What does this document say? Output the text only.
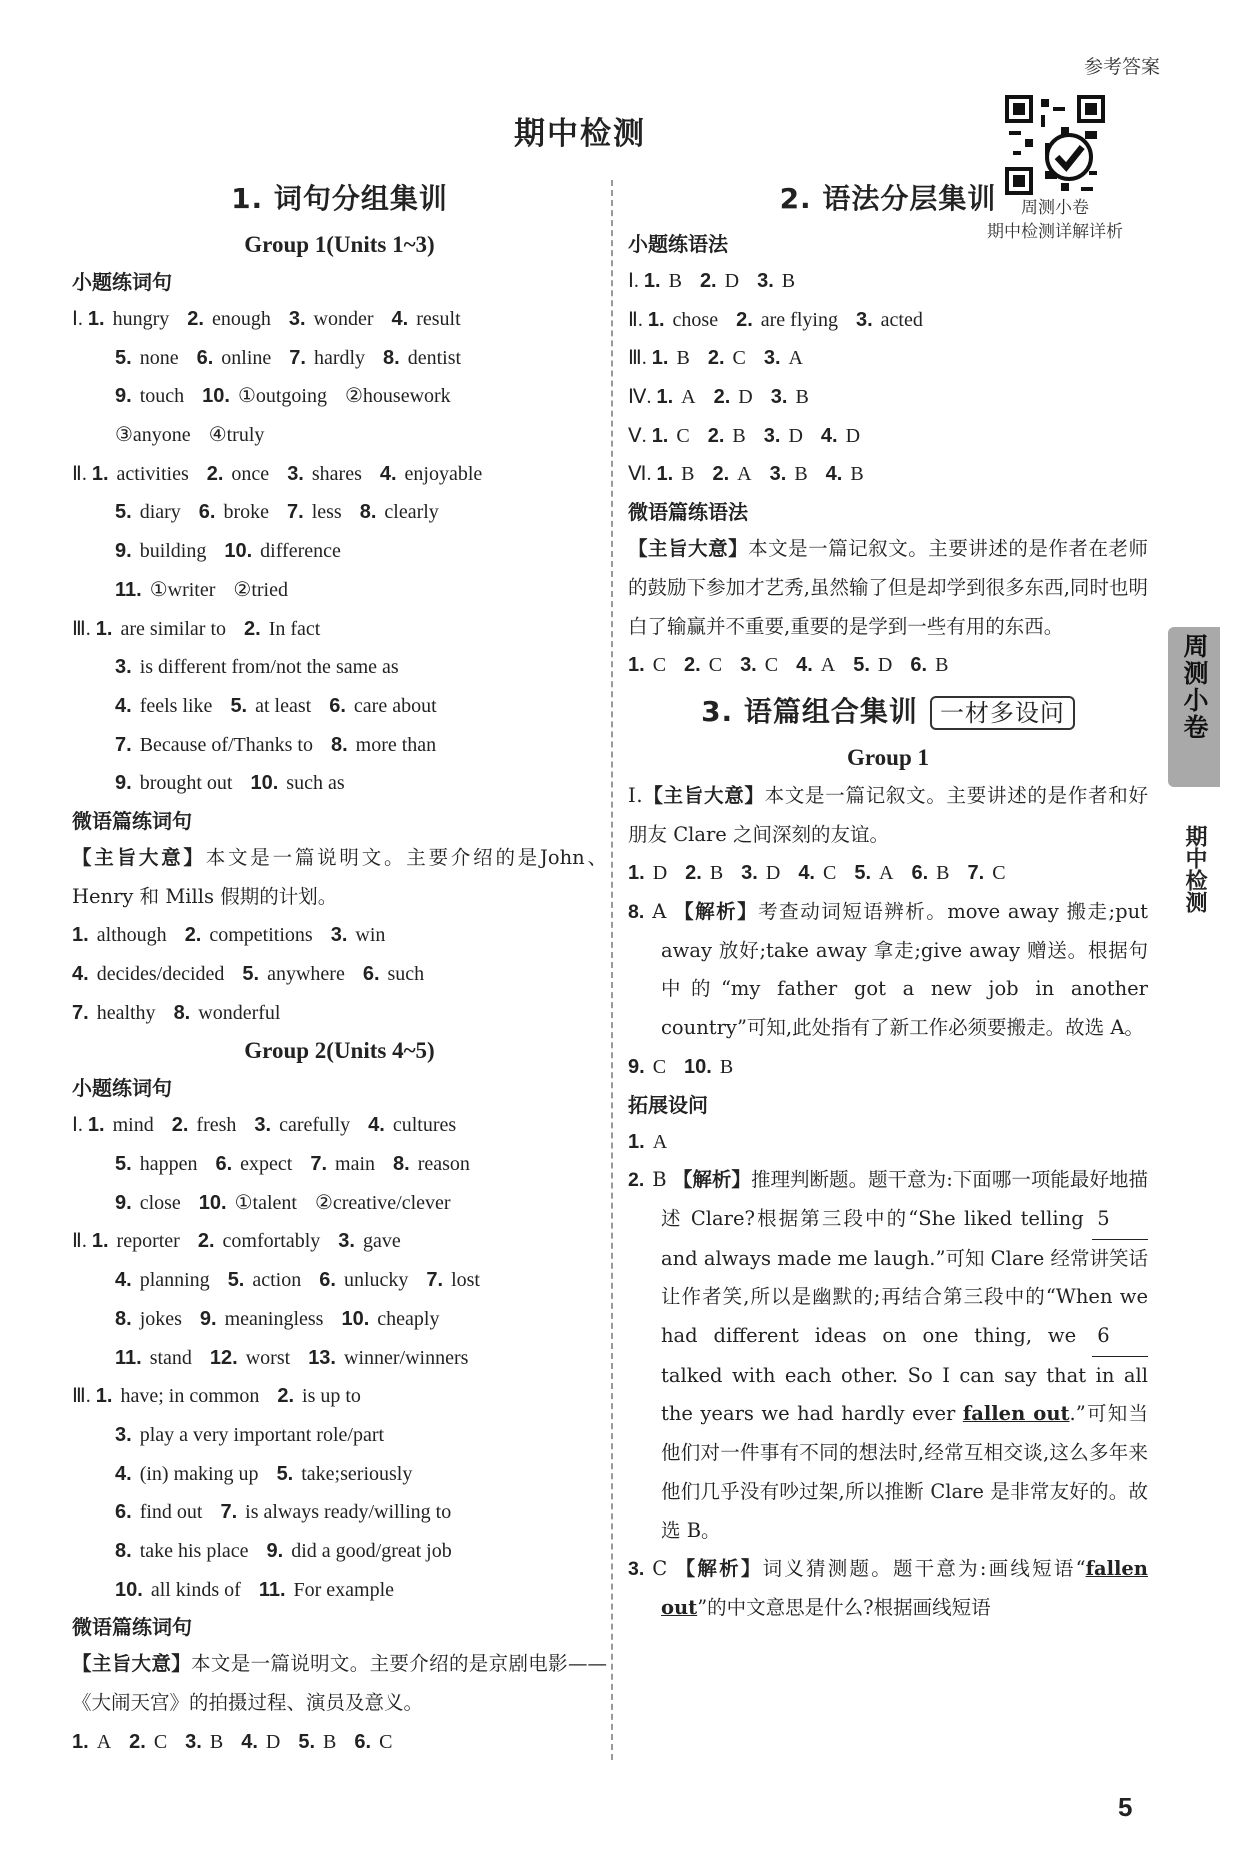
参考答案
期中检测
周测小卷
期中检测详解详析
1. 词句分组集训
Group 1(Units 1~3)
小题练词句
Ⅰ. 1. hungry 2. enough 3. wonder 4. result
5. none 6. online 7. hardly 8. dentist
9. touch 10. ①outgoing ②housework
③anyone ④truly
Ⅱ. 1. activities 2. once 3. shares 4. enjoyable
5. diary 6. broke 7. less 8. clearly
9. building 10. difference
11. ①writer ②tried
Ⅲ. 1. are similar to 2. In fact
3. is different from/not the same as
4. feels like 5. at least 6. care about
7. Because of/Thanks to 8. more than
9. brought out 10. such as
微语篇练词句
【主旨大意】本文是一篇说明文。主要介绍的是John、Henry 和 Mills 假期的计划。
1. although 2. competitions 3. win
4. decides/decided 5. anywhere 6. such
7. healthy 8. wonderful
Group 2(Units 4~5)
小题练词句
Ⅰ. 1. mind 2. fresh 3. carefully 4. cultures
5. happen 6. expect 7. main 8. reason
9. close 10. ①talent ②creative/clever
Ⅱ. 1. reporter 2. comfortably 3. gave
4. planning 5. action 6. unlucky 7. lost
8. jokes 9. meaningless 10. cheaply
11. stand 12. worst 13. winner/winners
Ⅲ. 1. have; in common 2. is up to
3. play a very important role/part
4. (in) making up 5. take;seriously
6. find out 7. is always ready/willing to
8. take his place 9. did a good/great job
10. all kinds of 11. For example
微语篇练词句
【主旨大意】本文是一篇说明文。主要介绍的是京剧电影——《大闹天宫》的拍摄过程、演员及意义。
1. A 2. C 3. B 4. D 5. B 6. C
2. 语法分层集训
小题练语法
Ⅰ. 1. B 2. D 3. B
Ⅱ. 1. chose 2. are flying 3. acted
Ⅲ. 1. B 2. C 3. A
Ⅳ. 1. A 2. D 3. B
Ⅴ. 1. C 2. B 3. D 4. D
Ⅵ. 1. B 2. A 3. B 4. B
微语篇练语法
【主旨大意】本文是一篇记叙文。主要讲述的是作者在老师的鼓励下参加才艺秀,虽然输了但是却学到很多东西,同时也明白了输赢并不重要,重要的是学到一些有用的东西。
1. C 2. C 3. C 4. A 5. D 6. B
3. 语篇组合集训 一材多设问
Group 1
Ⅰ.【主旨大意】本文是一篇记叙文。主要讲述的是作者和好朋友 Clare 之间深刻的友谊。
1. D 2. B 3. D 4. C 5. A 6. B 7. C
8. A 【解析】考查动词短语辨析。move away 搬走;put away 放好;take away 拿走;give away 赠送。根据句中的“my father got a new job in another country”可知,此处指有了新工作必须要搬走。故选 A。
9. C 10. B
拓展设问
1. A
2. B 【解析】推理判断题。题干意为:下面哪一项能最好地描述 Clare?根据第三段中的“She liked telling 5 and always made me laugh.”可知 Clare 经常讲笑话让作者笑,所以是幽默的;再结合第三段中的“When we had different ideas on one thing, we 6 talked with each other. So I can say that in all the years we had hardly ever fallen out.”可知当他们对一件事有不同的想法时,经常互相交谈,这么多年来他们几乎没有吵过架,所以推断 Clare 是非常友好的。故选 B。
3. C 【解析】词义猜测题。题干意为:画线短语“fallen out”的中文意思是什么?根据画线短语
周测小卷
期中检测
5
